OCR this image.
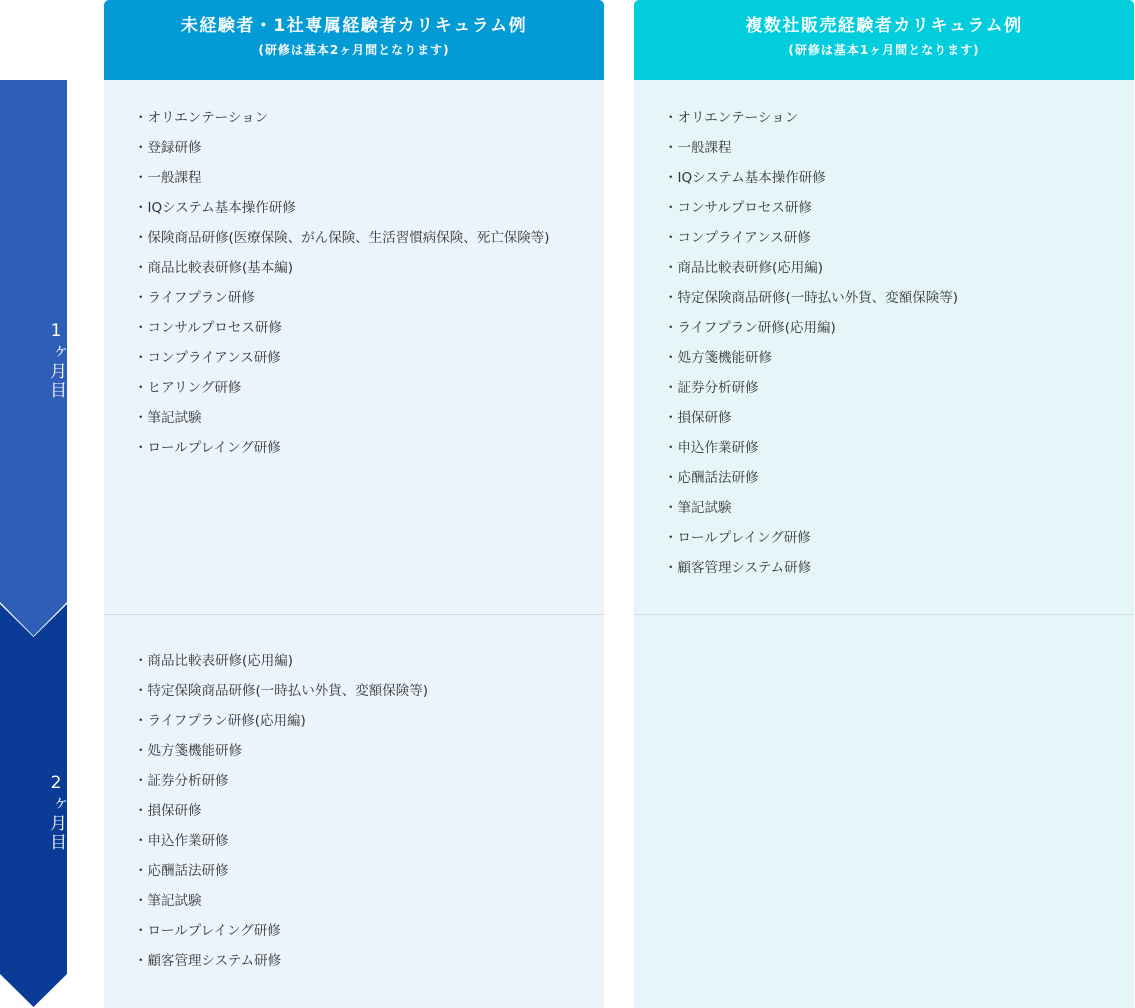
1ヶ月目
2ヶ月目
未経験者・1社専属経験者カリキュラム例
(研修は基本2ヶ月間となります)
・オリエンテーション
・登録研修
・一般課程
・IQシステム基本操作研修
・保険商品研修(医療保険、がん保険、生活習慣病保険、死亡保険等)
・商品比較表研修(基本編)
・ライフプラン研修
・コンサルプロセス研修
・コンプライアンス研修
・ヒアリング研修
・筆記試験
・ロールプレイング研修
・商品比較表研修(応用編)
・特定保険商品研修(一時払い外貨、変額保険等)
・ライフプラン研修(応用編)
・処方箋機能研修
・証券分析研修
・損保研修
・申込作業研修
・応酬話法研修
・筆記試験
・ロールプレイング研修
・顧客管理システム研修
複数社販売経験者カリキュラム例
(研修は基本1ヶ月間となります)
・オリエンテーション
・一般課程
・IQシステム基本操作研修
・コンサルプロセス研修
・コンプライアンス研修
・商品比較表研修(応用編)
・特定保険商品研修(一時払い外貨、変額保険等)
・ライフプラン研修(応用編)
・処方箋機能研修
・証券分析研修
・損保研修
・申込作業研修
・応酬話法研修
・筆記試験
・ロールプレイング研修
・顧客管理システム研修
